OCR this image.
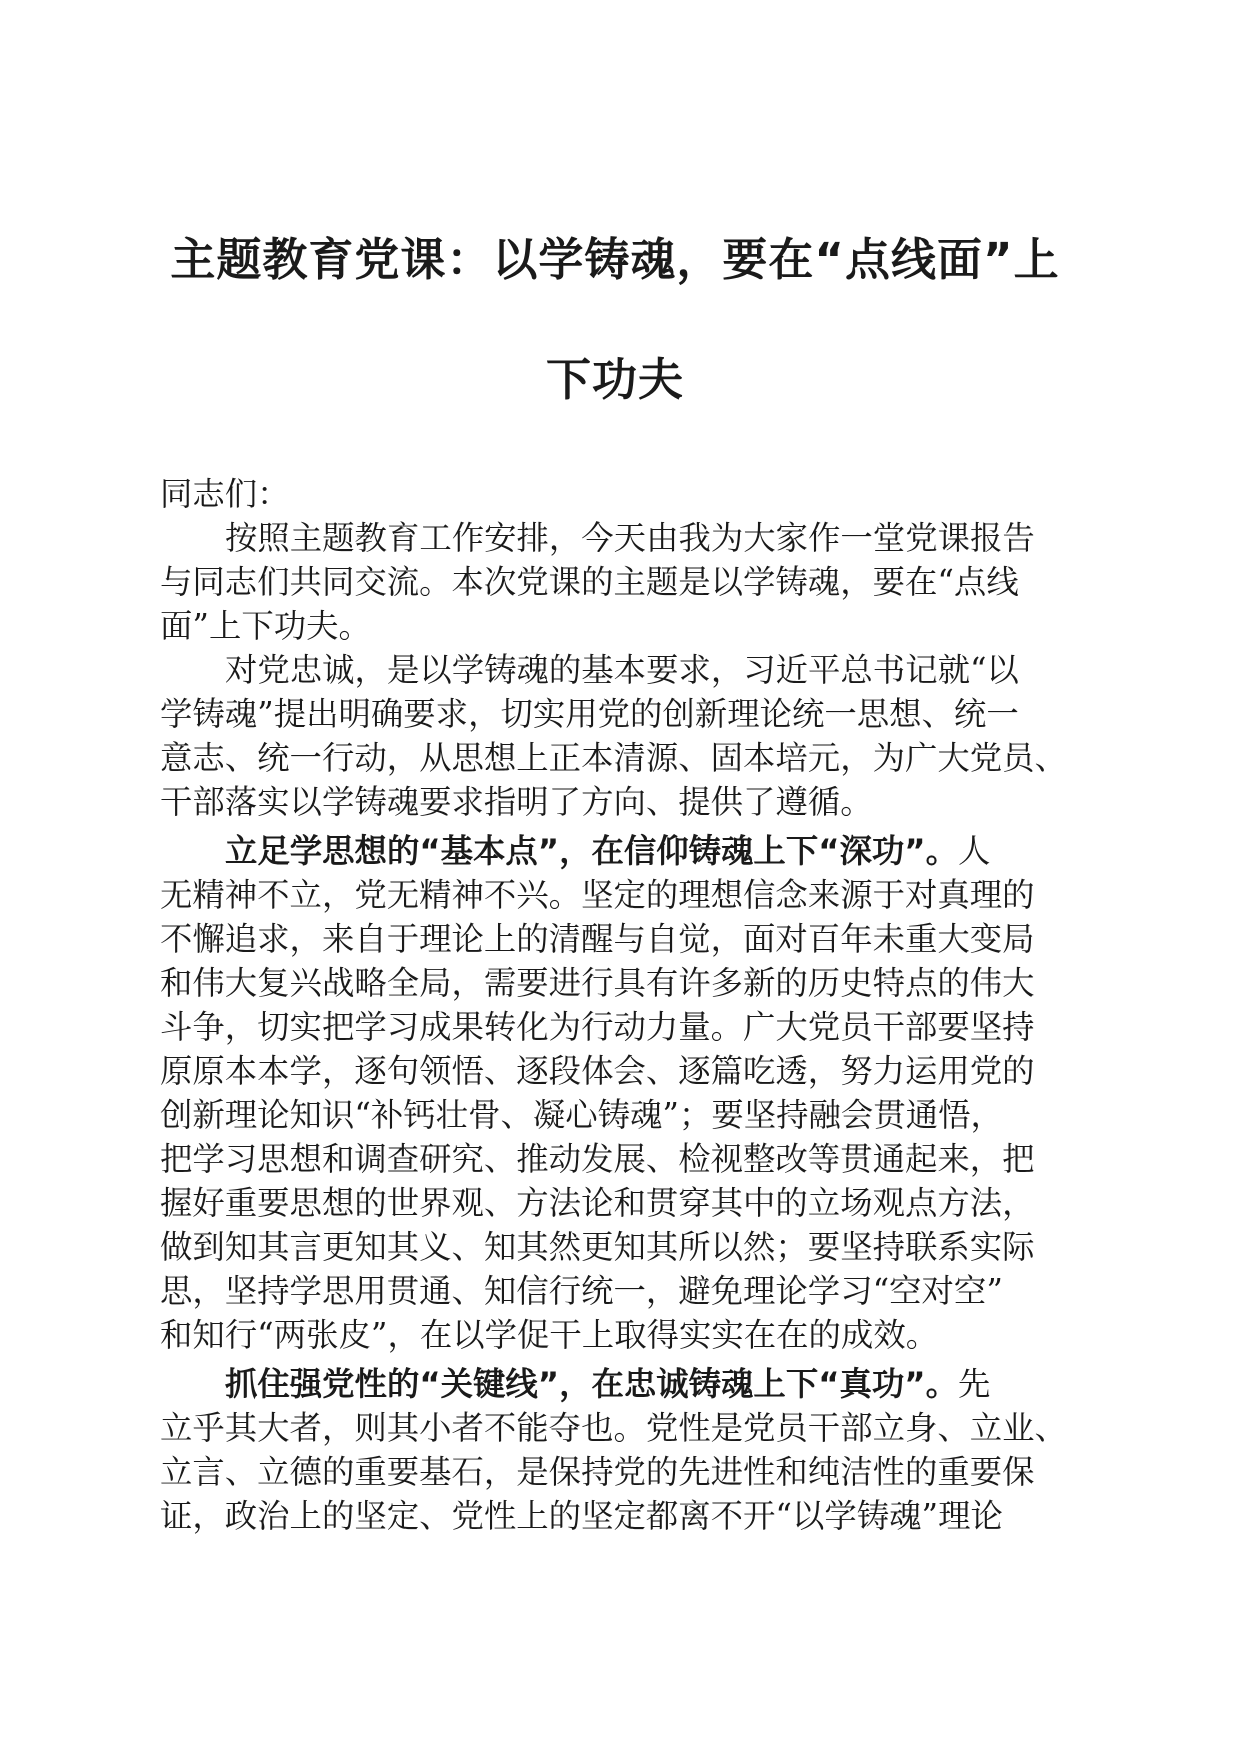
主题教育党课：以学铸魂，要在“点线面”上
下功夫
同志们：
按照主题教育工作安排，今天由我为大家作一堂党课报告
与同志们共同交流。本次党课的主题是以学铸魂，要在“点线
面”上下功夫。
对党忠诚，是以学铸魂的基本要求，习近平总书记就“以
学铸魂”提出明确要求，切实用党的创新理论统一思想、统一
意志、统一行动，从思想上正本清源、固本培元，为广大党员、
干部落实以学铸魂要求指明了方向、提供了遵循。
立足学思想的“基本点”，在信仰铸魂上下“深功”。人
无精神不立，党无精神不兴。坚定的理想信念来源于对真理的
不懈追求，来自于理论上的清醒与自觉，面对百年未重大变局
和伟大复兴战略全局，需要进行具有许多新的历史特点的伟大
斗争，切实把学习成果转化为行动力量。广大党员干部要坚持
原原本本学，逐句领悟、逐段体会、逐篇吃透，努力运用党的
创新理论知识“补钙壮骨、凝心铸魂”；要坚持融会贯通悟，
把学习思想和调查研究、推动发展、检视整改等贯通起来，把
握好重要思想的世界观、方法论和贯穿其中的立场观点方法，
做到知其言更知其义、知其然更知其所以然；要坚持联系实际
思，坚持学思用贯通、知信行统一，避免理论学习“空对空”
和知行“两张皮”，在以学促干上取得实实在在的成效。
抓住强党性的“关键线”，在忠诚铸魂上下“真功”。先
立乎其大者，则其小者不能夺也。党性是党员干部立身、立业、
立言、立德的重要基石，是保持党的先进性和纯洁性的重要保
证，政治上的坚定、党性上的坚定都离不开“以学铸魂”理论
